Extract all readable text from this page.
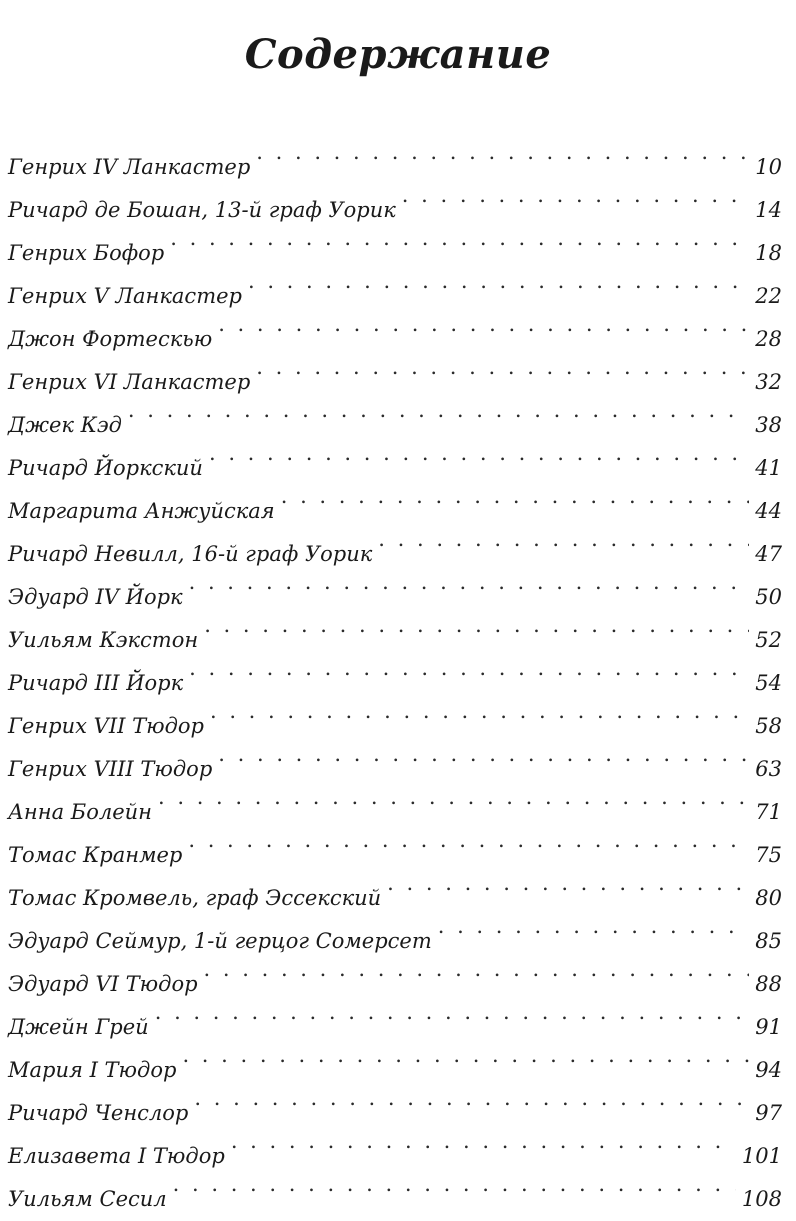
Содержание
Генрих IV Ланкастер . . .	10
Ричард де Бошан, 13-й граф Уорик . . .	14
Генрих Бофор . . .	18
Генрих V Ланкастер . . .	22
Джон Фортескью . . .	28
Генрих VI Ланкастер . . .	32
Джек Кэд . . .	38
Ричард Йоркский . . .	41
Маргарита Анжуйская . . .	44
Ричард Невилл, 16-й граф Уорик . . .	47
Эдуард IV Йорк . . .	50
Уильям Кэкстон . . .	52
Ричард III Йорк . . .	54
Генрих VII Тюдор . . .	58
Генрих VIII Тюдор . . .	63
Анна Болейн . . .	71
Томас Кранмер . . .	75
Томас Кромвель, граф Эссекский . . .	80
Эдуард Сеймур, 1-й герцог Сомерсет . . .	85
Эдуард VI Тюдор . . .	88
Джейн Грей . . .	91
Мария I Тюдор . . .	94
Ричард Ченслор . . .	97
Елизавета I Тюдор . . .	101
Уильям Сесил . . .	108
